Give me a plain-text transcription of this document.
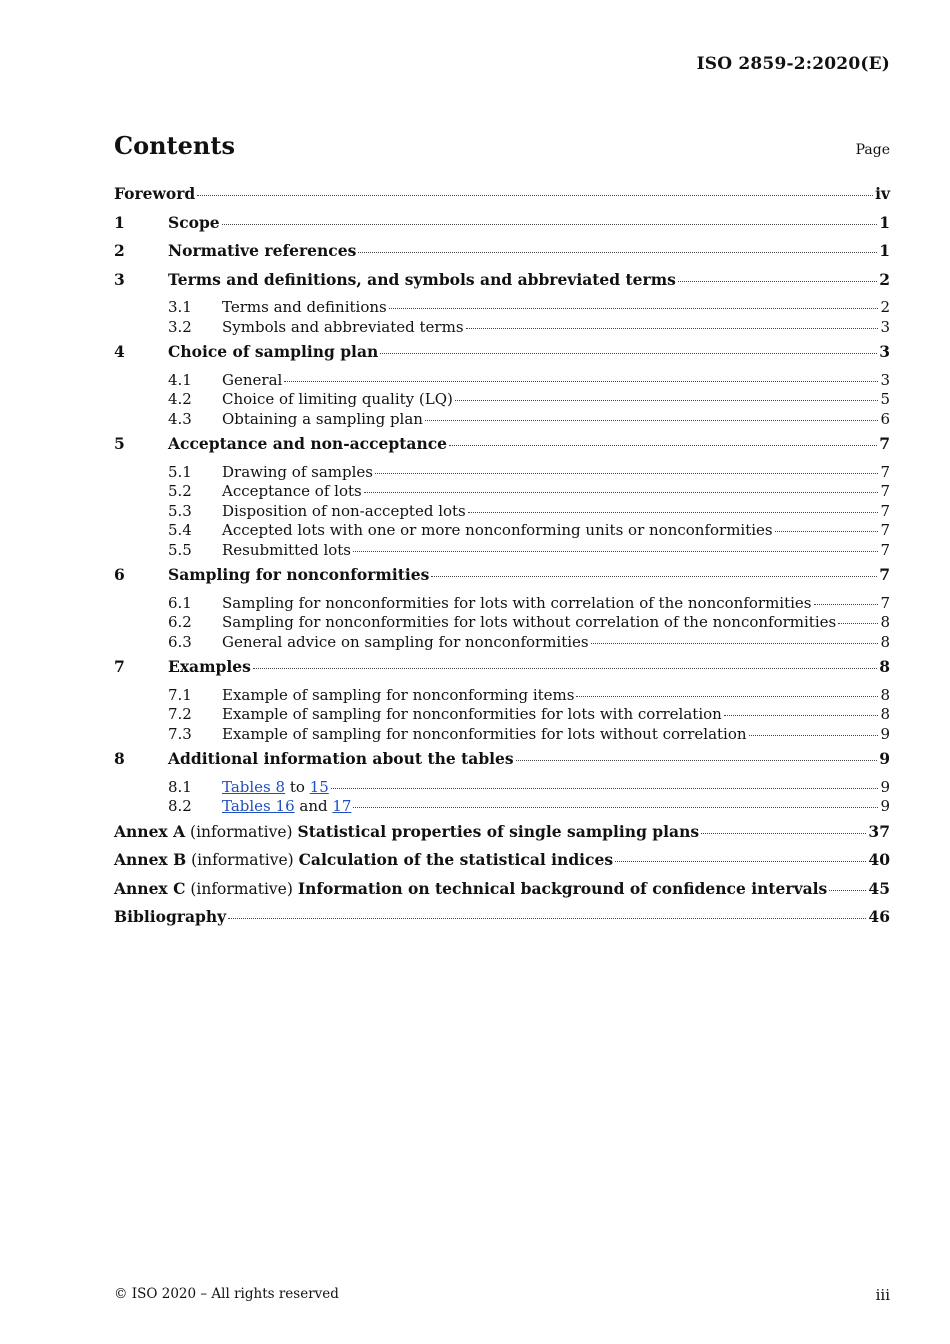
ISO 2859-2:2020(E)
Contents	Page
Foreword	iv
1	Scope	1
2	Normative references	1
3	Terms and definitions, and symbols and abbreviated terms	2
3.1	Terms and definitions	2
3.2	Symbols and abbreviated terms	3
4	Choice of sampling plan	3
4.1	General	3
4.2	Choice of limiting quality (LQ)	5
4.3	Obtaining a sampling plan	6
5	Acceptance and non-acceptance	7
5.1	Drawing of samples	7
5.2	Acceptance of lots	7
5.3	Disposition of non-accepted lots	7
5.4	Accepted lots with one or more nonconforming units or nonconformities	7
5.5	Resubmitted lots	7
6	Sampling for nonconformities	7
6.1	Sampling for nonconformities for lots with correlation of the nonconformities	7
6.2	Sampling for nonconformities for lots without correlation of the nonconformities	8
6.3	General advice on sampling for nonconformities	8
7	Examples	8
7.1	Example of sampling for nonconforming items	8
7.2	Example of sampling for nonconformities for lots with correlation	8
7.3	Example of sampling for nonconformities for lots without correlation	9
8	Additional information about the tables	9
8.1	Tables 8 to 15	9
8.2	Tables 16 and 17	9
Annex A (informative) Statistical properties of single sampling plans	37
Annex B (informative) Calculation of the statistical indices	40
Annex C (informative) Information on technical background of confidence intervals	45
Bibliography	46
© ISO 2020 – All rights reserved	iii
